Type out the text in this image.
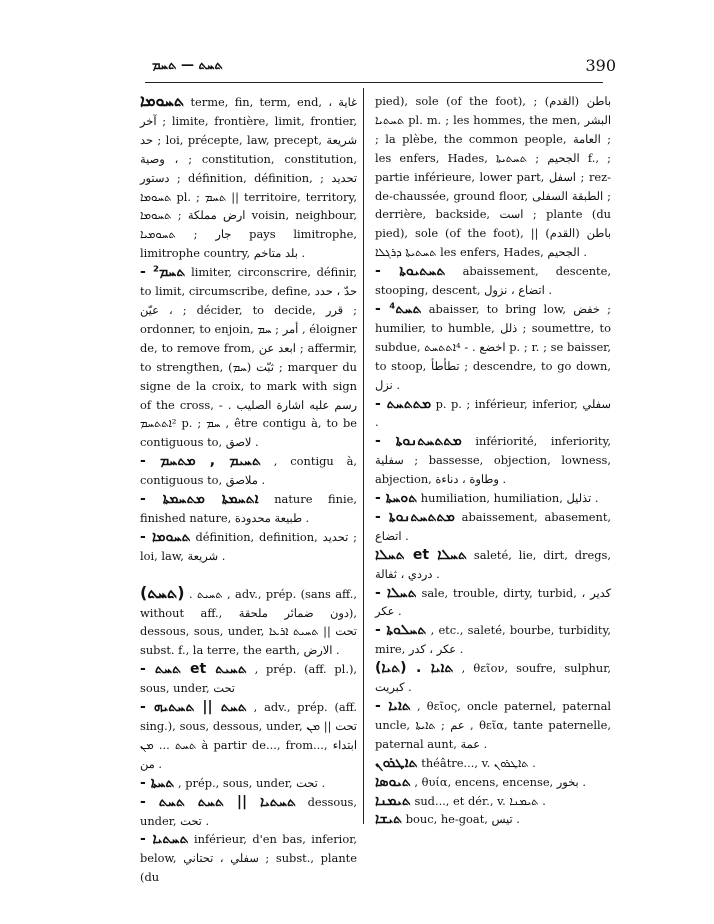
ܬܚܬ — ܬܚܡ	390

ܬܚܘܡܐ terme, fin, term, end, غاية ، آخر ; limite, frontière, limit, frontier, حد ; loi, précepte, law, precept, شريعة ، وصية ; constitution, constitution, دستور ; définition, définition, تحديد ; ܬܚܘܡܐ pl. ; ܬܚܡ || territoire, territory, ارض مملكة ; ܬܚܘܡܐ voisin, neighbour, جار ; ܬܚܘܡܝܐ pays limitrophe, limitrophe country, بلد متاخم .

- ܬܚܡ² limiter, circonscrire, définir, to limit, circumscribe, define, حدّ ، حدد ، عيّن ; décider, to decide, قرر ; ordonner, to enjoin, أمر ; ܚܡ , éloigner de, to remove from, ابعد عن ; affermir, to strengthen, ثبّت (ܚܡ) ; marquer du signe de la croix, to mark with sign of the cross, رسم عليه اشارة الصليب . - ²ܐܬܬܚܡ p. ; ܚܡ , être contigu à, to be contiguous to, لاصق .

- ܬܚܝܡ , ܡܬܚܡ , contigu à, contiguous to, ملاصق .

- ܐܬܚܡܬܐ ܡܬܚܡܬܐ nature finie, finished nature, طبيعة محدودة .

- ܬܚܘܡܐ définition, definition, تحديد ; loi, law, شريعة .

(ܬܚܬ) . ܬܚܝܬ , adv., prép. (sans aff., without aff., دون ضمائر ملحقة), dessous, sous, under, تحت || ܬܚܝܬ ܐܪܥܐ subst. f., la terre, the earth, الارض .

- ܬܚܬ et ܬܚܝܬ , prép. (aff. pl.), sous, under, تحت

- ܬܚܬ || ܬܚܬܝܗ , adv., prép. (aff. sing.), sous, dessous, under, تحت || ܡܢ ܬܚܬ ... ܡܢ à partir de..., from..., ابتداء من .

- ܬܚܬܐ , prép., sous, under, تحت .

- ܬܚܬܝܐ || ܬܚܬ ܬܚܬ dessous, under, تحت .

- ܬܚܬܝܐ inférieur, d'en bas, inferior, below, سفلي ، تحتاني ; subst., plante (du

pied), sole (of the foot), باطن (القدم) ; ܬܚܬܝܐ pl. m. ; les hommes, the men, البشر ; la plèbe, the common people, العامة ; les enfers, Hades, الجحيم ; ܬܚܬܝܬܐ f., ; partie inférieure, lower part, اسفل ; rez-de-chaussée, ground floor, الطبقة السفلى ; derrière, backside, است ; plante (du pied), sole (of the foot), باطن (القدم) || ܬܚܬܝܬܐ ܕܪܓܠܐ les enfers, Hades, الجحيم .

- ܬܚܬܝܘܬܐ abaissement, descente, stooping, descent, اتضاع ، نزول .

- ܬܚܬ⁴ abaisser, to bring low, خفض ; humilier, to humble, ذلل ; soumettre, to subdue, اخضع . - ⁴ܐܬܬܚܬ p. ; r. ; se baisser, to stoop, تطأطأ ; descendre, to go down, نزل .

- ܡܬܬܚܬ p. p. ; inférieur, inferior, سفلي .

- ܡܬܬܚܬܢܘܬܐ infériorité, inferiority, سفلية ; bassesse, objection, lowness, abjection, وطاوة ، دناءة .

- ܬܘܚܬܐ humiliation, humiliation, تذليل .

- ܡܬܬܚܬܢܘܬܐ abaissement, abasement, اتضاع .

ܬܚܠܐ et ܬܚܠܐ saleté, lie, dirt, dregs, دردي ، ثفالة .

- ܬܚܠܐ sale, trouble, dirty, turbid, كدير ، عكر .

- ܬܚܠܘܬܐ , etc., saleté, bourbe, turbidity, mire, عكر ، كدر .

(ܬܝܐ) . ܬܐܝܐ , θεῖον, soufre, sulphur, كبريت .

- ܬܐܝܐ , θεῖος, oncle paternel, paternal uncle, عم ; ܬܐܝܬܐ , θεῖα, tante paternelle, paternal aunt, عمة .

ܬܐܛܪܘܢ théâtre..., v. ܬܐܛܪܘܢ .

ܬܝܘܣܐ , θυία, encens, encense, بخور .

ܬܝܡܢܐ sud..., et dér., v. ܬܝܡܢܐ .

ܬܝܫܐ bouc, he-goat, تيس .
